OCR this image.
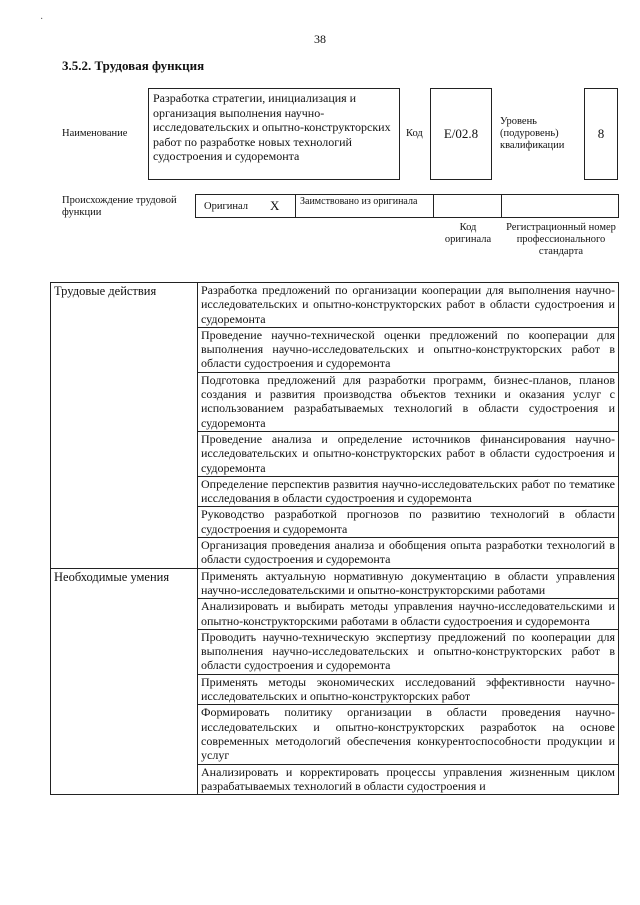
·
38
3.5.2. Трудовая функция
Наименование
Разработка стратегии, инициализация и организация выполнения научно-исследовательских и опытно-конструкторских работ по разработке новых технологий судостроения и судоремонта
Код	E/02.8
Уровень (подуровень) квалификации
8
Происхождение трудовой функции
Оригинал X	Заимствовано из оригинала
Код оригинала
Регистрационный номер профессионального стандарта
Трудовые действия	Разработка предложений по организации кооперации для выполнения научно-исследовательских и опытно-конструкторских работ в области судостроения и судоремонта
	Проведение научно-технической оценки предложений по кооперации для выполнения научно-исследовательских и опытно-конструкторских работ в области судостроения и судоремонта
	Подготовка предложений для разработки программ, бизнес-планов, планов создания и развития производства объектов техники и оказания услуг с использованием разрабатываемых технологий в области судостроения и судоремонта
	Проведение анализа и определение источников финансирования научно-исследовательских и опытно-конструкторских работ в области судостроения и судоремонта
	Определение перспектив развития научно-исследовательских работ по тематике исследования в области судостроения и судоремонта
	Руководство разработкой прогнозов по развитию технологий в области судостроения и судоремонта
	Организация проведения анализа и обобщения опыта разработки технологий в области судостроения и судоремонта
Необходимые умения	Применять актуальную нормативную документацию в области управления научно-исследовательскими и опытно-конструкторскими работами
	Анализировать и выбирать методы управления научно-исследовательскими и опытно-конструкторскими работами в области судостроения и судоремонта
	Проводить научно-техническую экспертизу предложений по кооперации для выполнения научно-исследовательских и опытно-конструкторских работ в области судостроения и судоремонта
	Применять методы экономических исследований эффективности научно-исследовательских и опытно-конструкторских работ
	Формировать политику организации в области проведения научно-исследовательских и опытно-конструкторских разработок на основе современных методологий обеспечения конкурентоспособности продукции и услуг
	Анализировать и корректировать процессы управления жизненным циклом разрабатываемых технологий в области судостроения и
